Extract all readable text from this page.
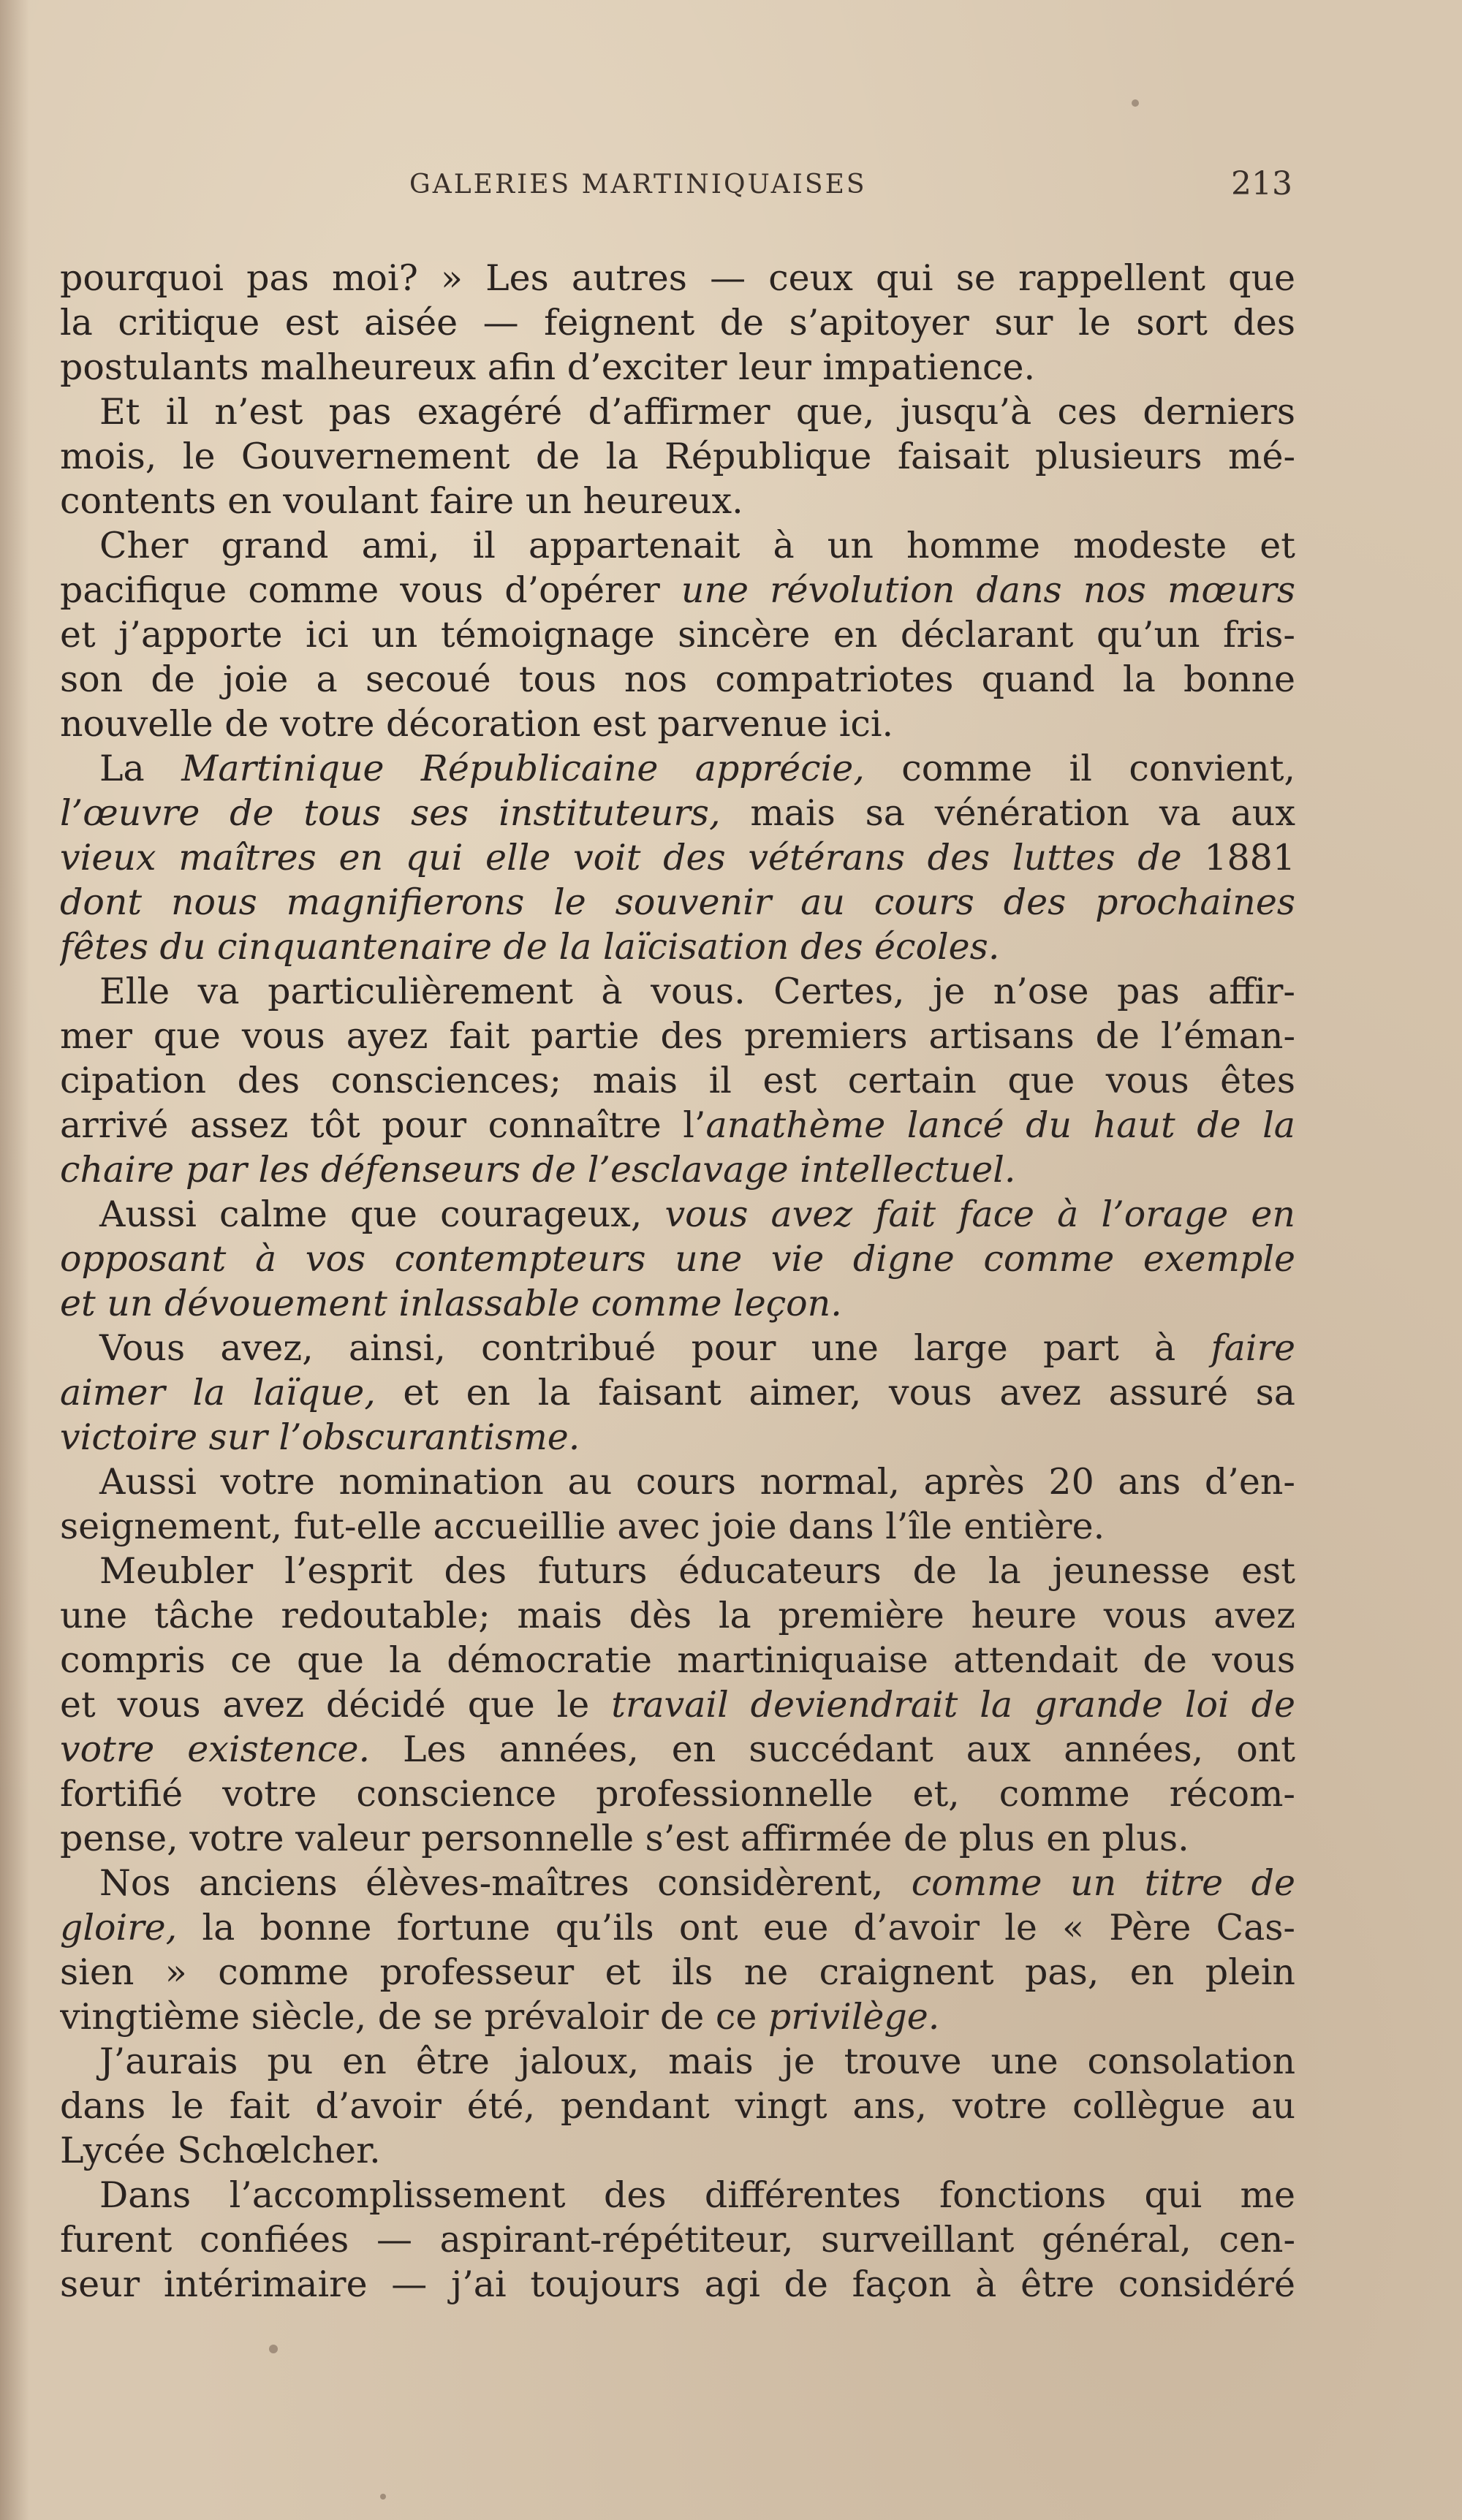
GALERIES MARTINIQUAISES	213
pourquoi pas moi? » Les autres — ceux qui se rappellent que
la critique est aisée — feignent de s’apitoyer sur le sort des
postulants malheureux afin d’exciter leur impatience.
Et il n’est pas exagéré d’affirmer que, jusqu’à ces derniers
mois, le Gouvernement de la République faisait plusieurs mé-
contents en voulant faire un heureux.
Cher grand ami, il appartenait à un homme modeste et
pacifique comme vous d’opérer une révolution dans nos mœurs
et j’apporte ici un témoignage sincère en déclarant qu’un fris-
son de joie a secoué tous nos compatriotes quand la bonne
nouvelle de votre décoration est parvenue ici.
La Martinique Républicaine apprécie, comme il convient,
l’œuvre de tous ses instituteurs, mais sa vénération va aux
vieux maîtres en qui elle voit des vétérans des luttes de 1881
dont nous magnifierons le souvenir au cours des prochaines
fêtes du cinquantenaire de la laïcisation des écoles.
Elle va particulièrement à vous. Certes, je n’ose pas affir-
mer que vous ayez fait partie des premiers artisans de l’éman-
cipation des consciences; mais il est certain que vous êtes
arrivé assez tôt pour connaître l’anathème lancé du haut de la
chaire par les défenseurs de l’esclavage intellectuel.
Aussi calme que courageux, vous avez fait face à l’orage en
opposant à vos contempteurs une vie digne comme exemple
et un dévouement inlassable comme leçon.
Vous avez, ainsi, contribué pour une large part à faire
aimer la laïque, et en la faisant aimer, vous avez assuré sa
victoire sur l’obscurantisme.
Aussi votre nomination au cours normal, après 20 ans d’en-
seignement, fut-elle accueillie avec joie dans l’île entière.
Meubler l’esprit des futurs éducateurs de la jeunesse est
une tâche redoutable; mais dès la première heure vous avez
compris ce que la démocratie martiniquaise attendait de vous
et vous avez décidé que le travail deviendrait la grande loi de
votre existence. Les années, en succédant aux années, ont
fortifié votre conscience professionnelle et, comme récom-
pense, votre valeur personnelle s’est affirmée de plus en plus.
Nos anciens élèves-maîtres considèrent, comme un titre de
gloire, la bonne fortune qu’ils ont eue d’avoir le « Père Cas-
sien » comme professeur et ils ne craignent pas, en plein
vingtième siècle, de se prévaloir de ce privilège.
J’aurais pu en être jaloux, mais je trouve une consolation
dans le fait d’avoir été, pendant vingt ans, votre collègue au
Lycée Schœlcher.
Dans l’accomplissement des différentes fonctions qui me
furent confiées — aspirant-répétiteur, surveillant général, cen-
seur intérimaire — j’ai toujours agi de façon à être considéré
